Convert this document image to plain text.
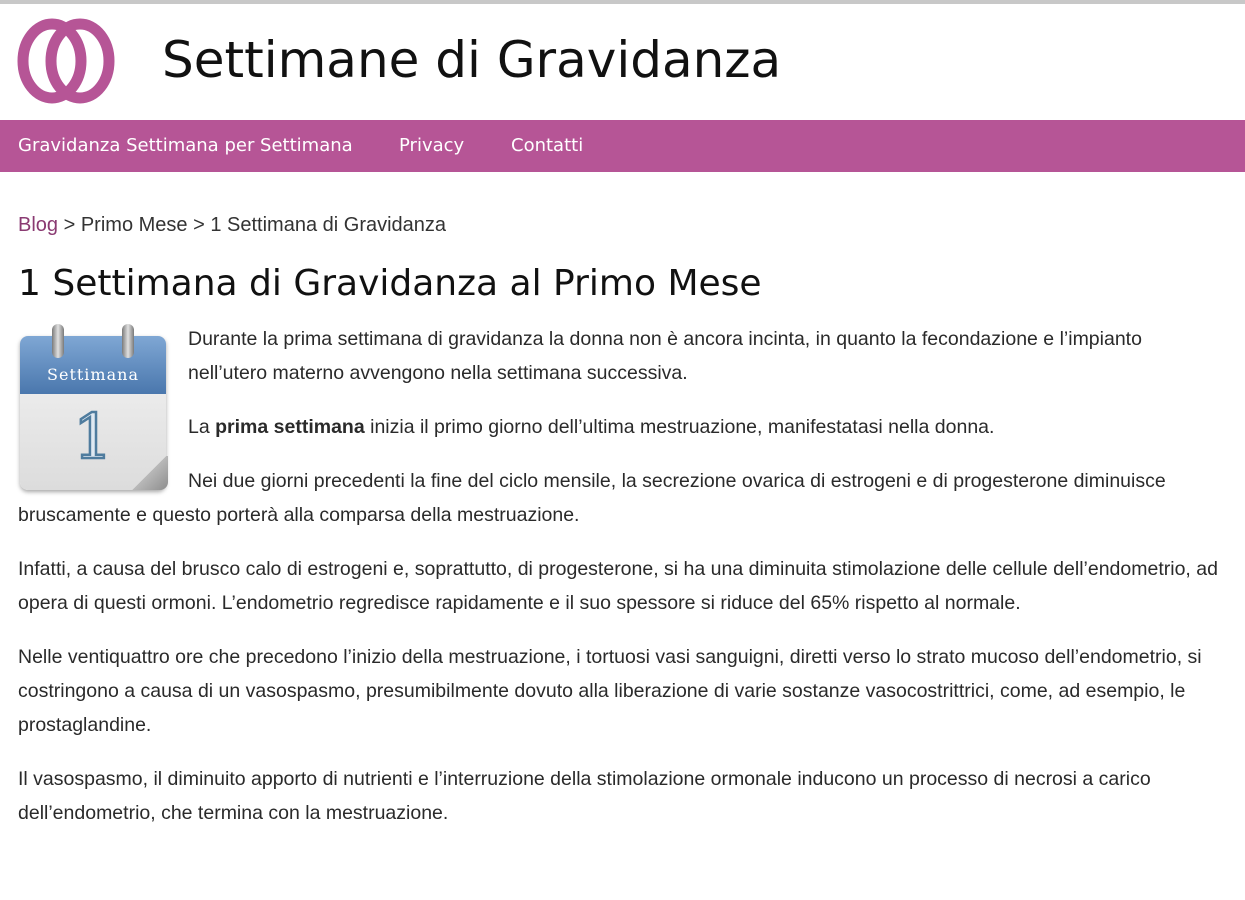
Settimane di Gravidanza
Gravidanza Settimana per Settimana	Privacy	Contatti
Blog > Primo Mese > 1 Settimana di Gravidanza
1 Settimana di Gravidanza al Primo Mese
Settimana
1

Durante la prima settimana di gravidanza la donna non è ancora incinta, in quanto la fecondazione e l’impianto nell’utero materno avvengono nella settimana successiva.

La prima settimana inizia il primo giorno dell’ultima mestruazione, manifestatasi nella donna.

Nei due giorni precedenti la fine del ciclo mensile, la secrezione ovarica di estrogeni e di progesterone diminuisce bruscamente e questo porterà alla comparsa della mestruazione.

Infatti, a causa del brusco calo di estrogeni e, soprattutto, di progesterone, si ha una diminuita stimolazione delle cellule dell’endometrio, ad opera di questi ormoni. L’endometrio regredisce rapidamente e il suo spessore si riduce del 65% rispetto al normale.

Nelle ventiquattro ore che precedono l’inizio della mestruazione, i tortuosi vasi sanguigni, diretti verso lo strato mucoso dell’endometrio, si costringono a causa di un vasospasmo, presumibilmente dovuto alla liberazione di varie sostanze vasocostrittrici, come, ad esempio, le prostaglandine.

Il vasospasmo, il diminuito apporto di nutrienti e l’interruzione della stimolazione ormonale inducono un processo di necrosi a carico dell’endometrio, che termina con la mestruazione.
